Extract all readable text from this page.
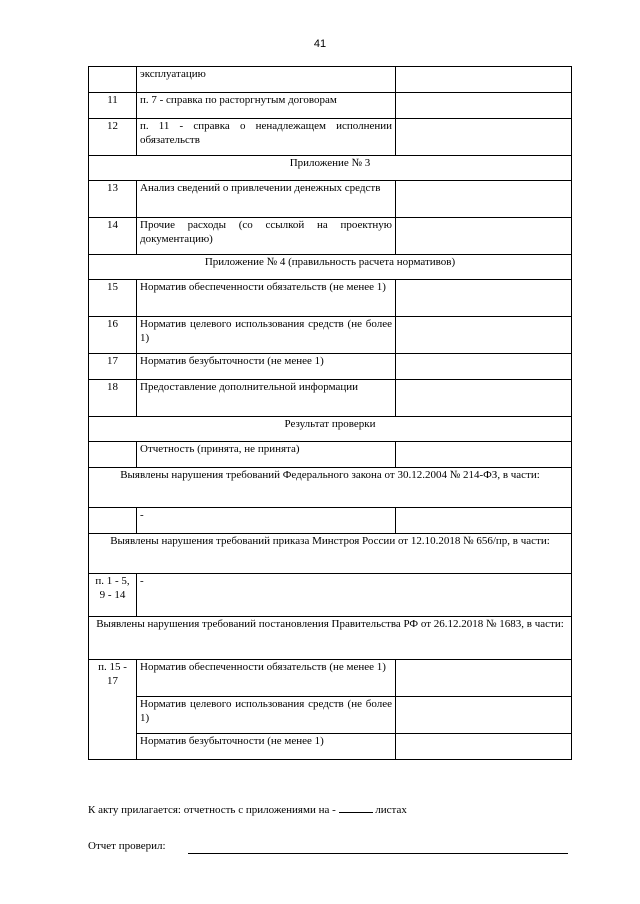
41
	эксплуатацию	
11	п. 7 - справка по расторгнутым договорам	
12	п. 11 - справка о ненадлежащем исполнении обязательств	
Приложение № 3		
13	Анализ сведений о привлечении денежных средств	
14	Прочие расходы (со ссылкой на проектную документацию)	
Приложение № 4 (правильность расчета нормативов)		
15	Норматив обеспеченности обязательств (не менее 1)	
16	Норматив целевого использования средств (не более 1)	
17	Норматив безубыточности (не менее 1)	
18	Предоставление дополнительной информации	
Результат проверки		
	Отчетность (принята, не принята)	
Выявлены нарушения требований Федерального закона от 30.12.2004 № 214-ФЗ, в части:		
	-	
Выявлены нарушения требований приказа Минстроя России от 12.10.2018 № 656/пр, в части:		
п. 1 - 5, 9 - 14	-	
Выявлены нарушения требований постановления Правительства РФ от 26.12.2018 № 1683, в части:		
п. 15 - 17	Норматив обеспеченности обязательств (не менее 1)	
	Норматив целевого использования средств (не более 1)	
	Норматив безубыточности (не менее 1)	
К акту прилагается: отчетность с приложениями на -	листах
Отчет проверил:
